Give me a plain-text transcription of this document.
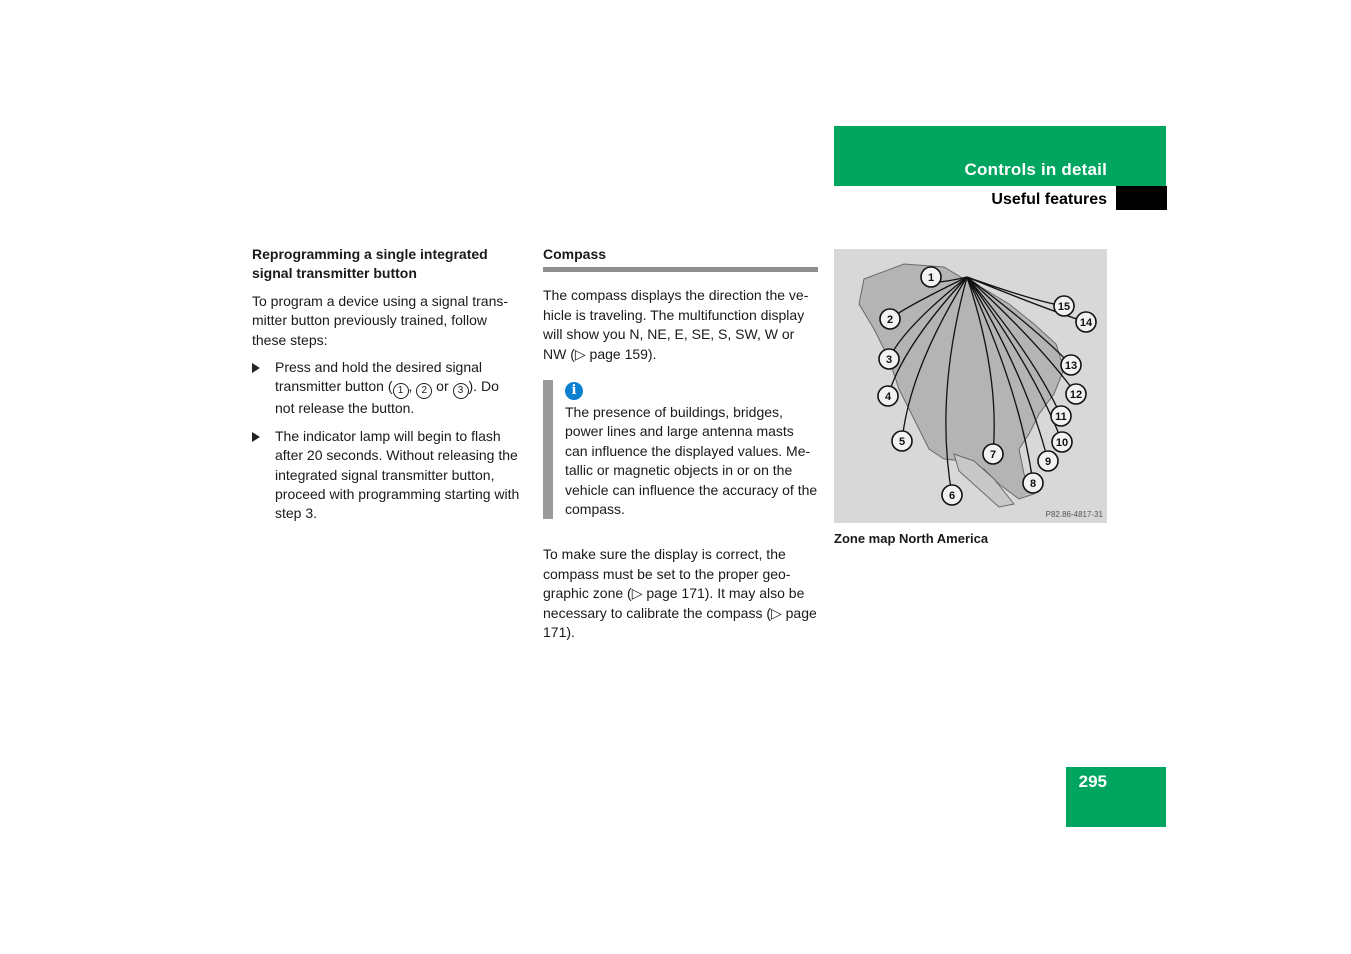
Controls in detail
Useful features
Reprogramming a single integrated signal transmitter button

To program a device using a signal trans-mitter button previously trained, follow these steps:

Press and hold the desired signal transmitter button ( 1 , 2 or 3 ). Do not release the button.
The indicator lamp will begin to flash after 20 seconds. Without releasing the integrated signal transmitter button, proceed with programming starting with step 3.
Compass

The compass displays the direction the ve-hicle is traveling. The multifunction display will show you N, NE, E, SE, S, SW, W or NW (▷ page 159).

i
The presence of buildings, bridges, power lines and large antenna masts can influence the displayed values. Me-tallic or magnetic objects in or on the vehicle can influence the accuracy of the compass.

To make sure the display is correct, the compass must be set to the proper geo-graphic zone (▷ page 171). It may also be necessary to calibrate the compass (▷ page 171).

1
2
3
4
5
6
7
8
9
10
11
12
13
14
15
P82.86-4817-31
Zone map North America
295
